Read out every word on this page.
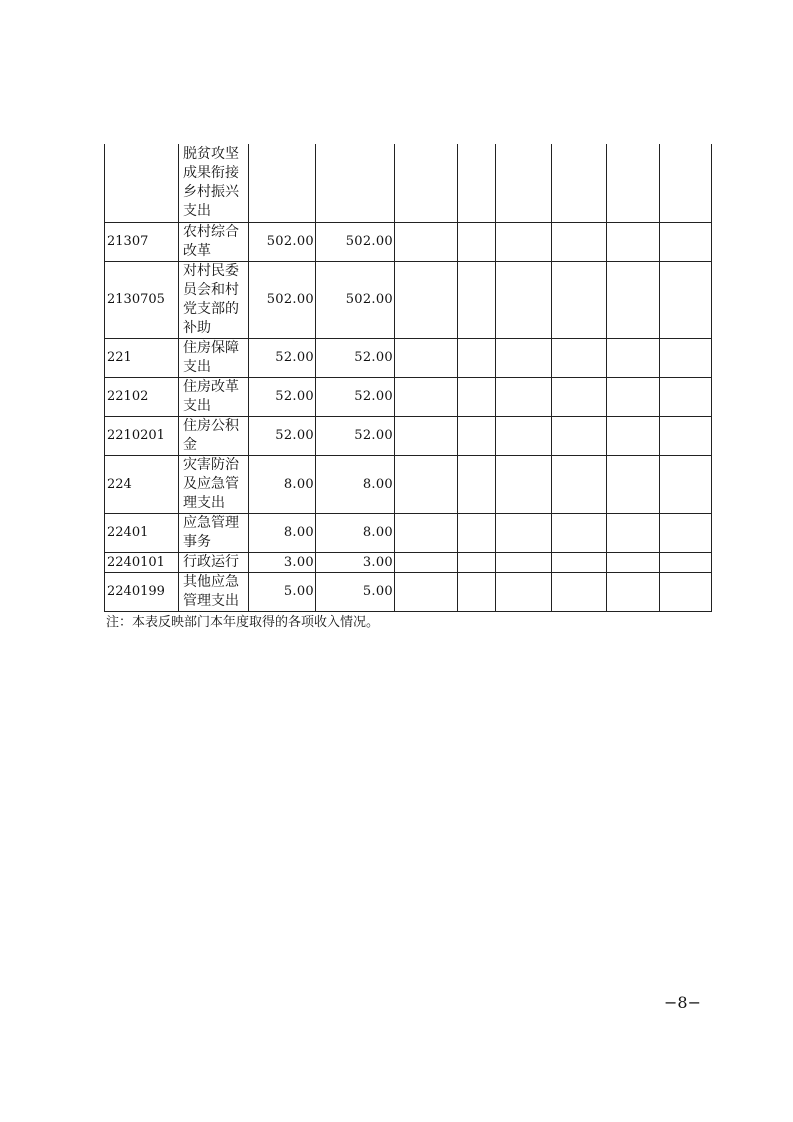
	脱贫攻坚成果衔接乡村振兴支出								
21307	农村综合改革	502.00	502.00						
2130705	对村民委员会和村党支部的补助	502.00	502.00						
221	住房保障支出	52.00	52.00						
22102	住房改革支出	52.00	52.00						
2210201	住房公积金	52.00	52.00						
224	灾害防治及应急管理支出	8.00	8.00						
22401	应急管理事务	8.00	8.00						
2240101	行政运行	3.00	3.00						
2240199	其他应急管理支出	5.00	5.00						

注：本表反映部门本年度取得的各项收入情况。

−8−
